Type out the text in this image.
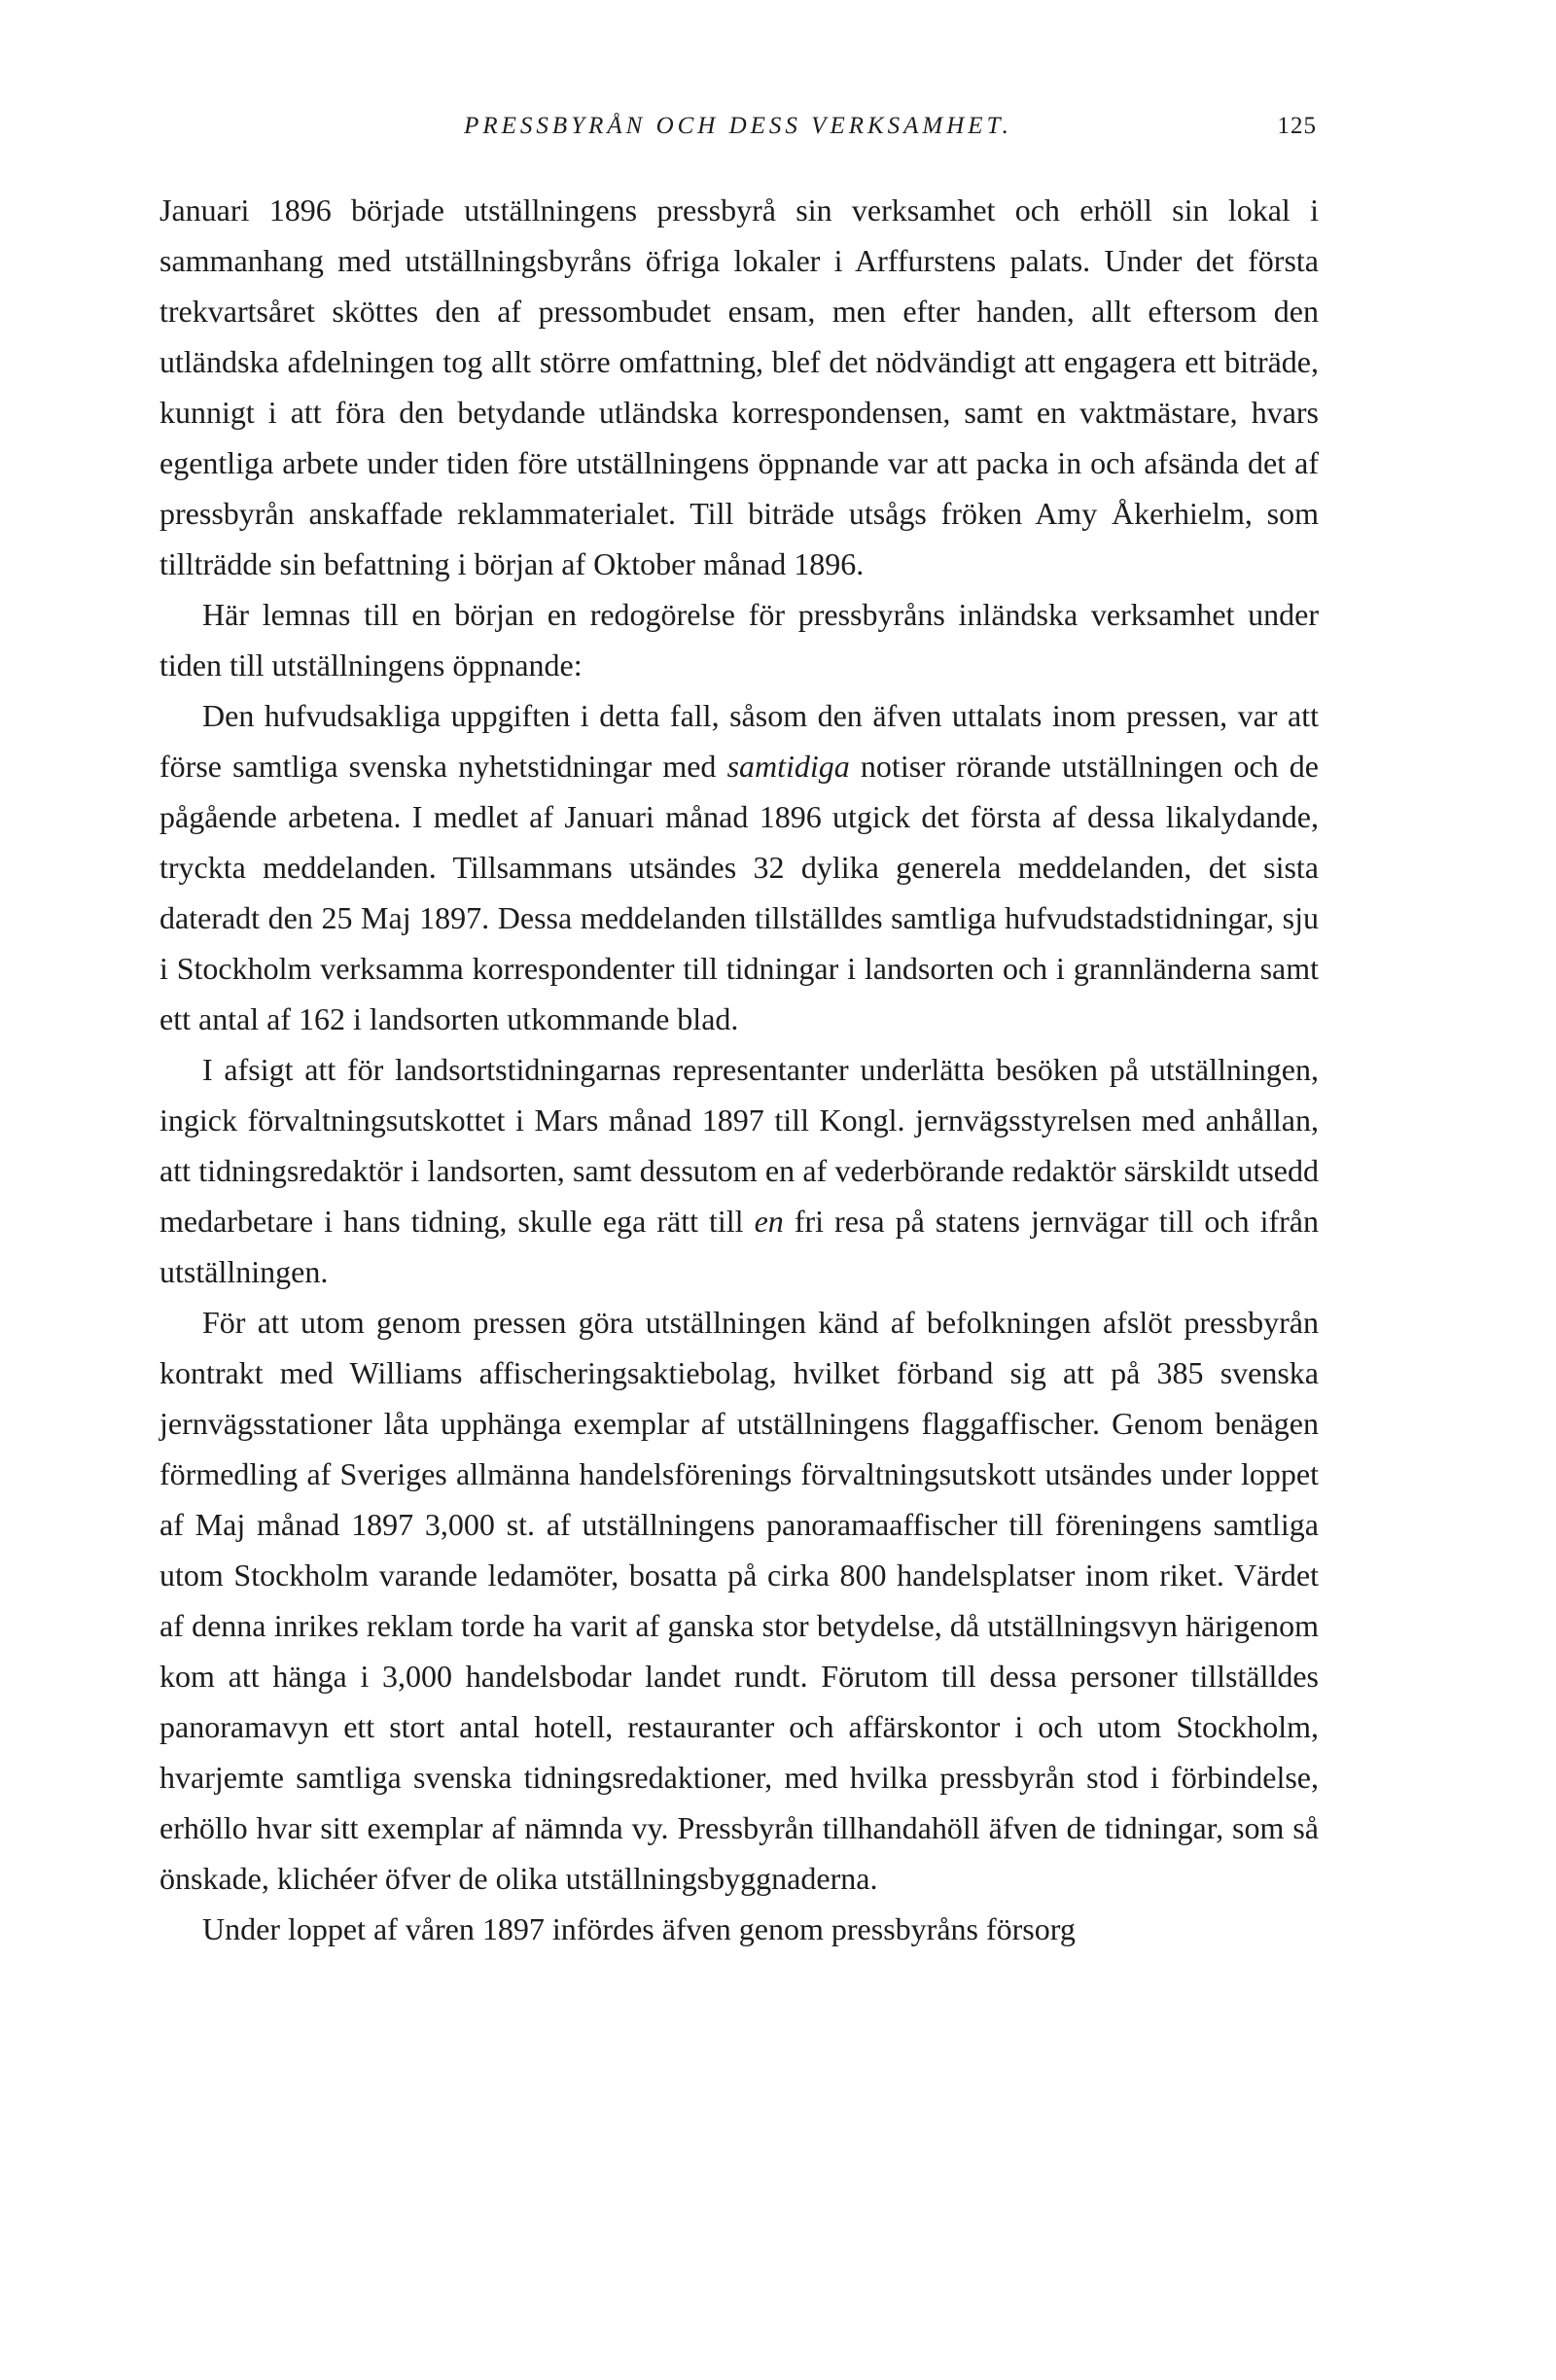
PRESSBYRÅN OCH DESS VERKSAMHET.	125

Januari 1896 började utställningens pressbyrå sin verksamhet och erhöll sin lokal i sammanhang med utställningsbyråns öfriga lokaler i Arffurstens palats. Under det första trekvartsåret sköttes den af pressombudet ensam, men efter handen, allt eftersom den utländska afdelningen tog allt större omfattning, blef det nödvändigt att engagera ett biträde, kunnigt i att föra den betydande utländska korrespondensen, samt en vaktmästare, hvars egentliga arbete under tiden före utställningens öppnande var att packa in och afsända det af pressbyrån anskaffade reklammaterialet. Till biträde utsågs fröken Amy Åkerhielm, som tillträdde sin befattning i början af Oktober månad 1896.

Här lemnas till en början en redogörelse för pressbyråns inländska verksamhet under tiden till utställningens öppnande:

Den hufvudsakliga uppgiften i detta fall, såsom den äfven uttalats inom pressen, var att förse samtliga svenska nyhetstidningar med samtidiga notiser rörande utställningen och de pågående arbetena. I medlet af Januari månad 1896 utgick det första af dessa likalydande, tryckta meddelanden. Tillsammans utsändes 32 dylika generela meddelanden, det sista dateradt den 25 Maj 1897. Dessa meddelanden tillställdes samtliga hufvudstadstidningar, sju i Stockholm verksamma korrespondenter till tidningar i landsorten och i grannländerna samt ett antal af 162 i landsorten utkommande blad.

I afsigt att för landsortstidningarnas representanter underlätta besöken på utställningen, ingick förvaltningsutskottet i Mars månad 1897 till Kongl. jernvägsstyrelsen med anhållan, att tidningsredaktör i landsorten, samt dessutom en af vederbörande redaktör särskildt utsedd medarbetare i hans tidning, skulle ega rätt till en fri resa på statens jernvägar till och ifrån utställningen.

För att utom genom pressen göra utställningen känd af befolkningen afslöt pressbyrån kontrakt med Williams affischeringsaktiebolag, hvilket förband sig att på 385 svenska jernvägsstationer låta upphänga exemplar af utställningens flaggaffischer. Genom benägen förmedling af Sveriges allmänna handelsförenings förvaltningsutskott utsändes under loppet af Maj månad 1897 3,000 st. af utställningens panoramaaffischer till föreningens samtliga utom Stockholm varande ledamöter, bosatta på cirka 800 handelsplatser inom riket. Värdet af denna inrikes reklam torde ha varit af ganska stor betydelse, då utställningsvyn härigenom kom att hänga i 3,000 handelsbodar landet rundt. Förutom till dessa personer tillställdes panoramavyn ett stort antal hotell, restauranter och affärskontor i och utom Stockholm, hvarjemte samtliga svenska tidningsredaktioner, med hvilka pressbyrån stod i förbindelse, erhöllo hvar sitt exemplar af nämnda vy. Pressbyrån tillhandahöll äfven de tidningar, som så önskade, klichéer öfver de olika utställningsbyggnaderna.

Under loppet af våren 1897 infördes äfven genom pressbyråns försorg
